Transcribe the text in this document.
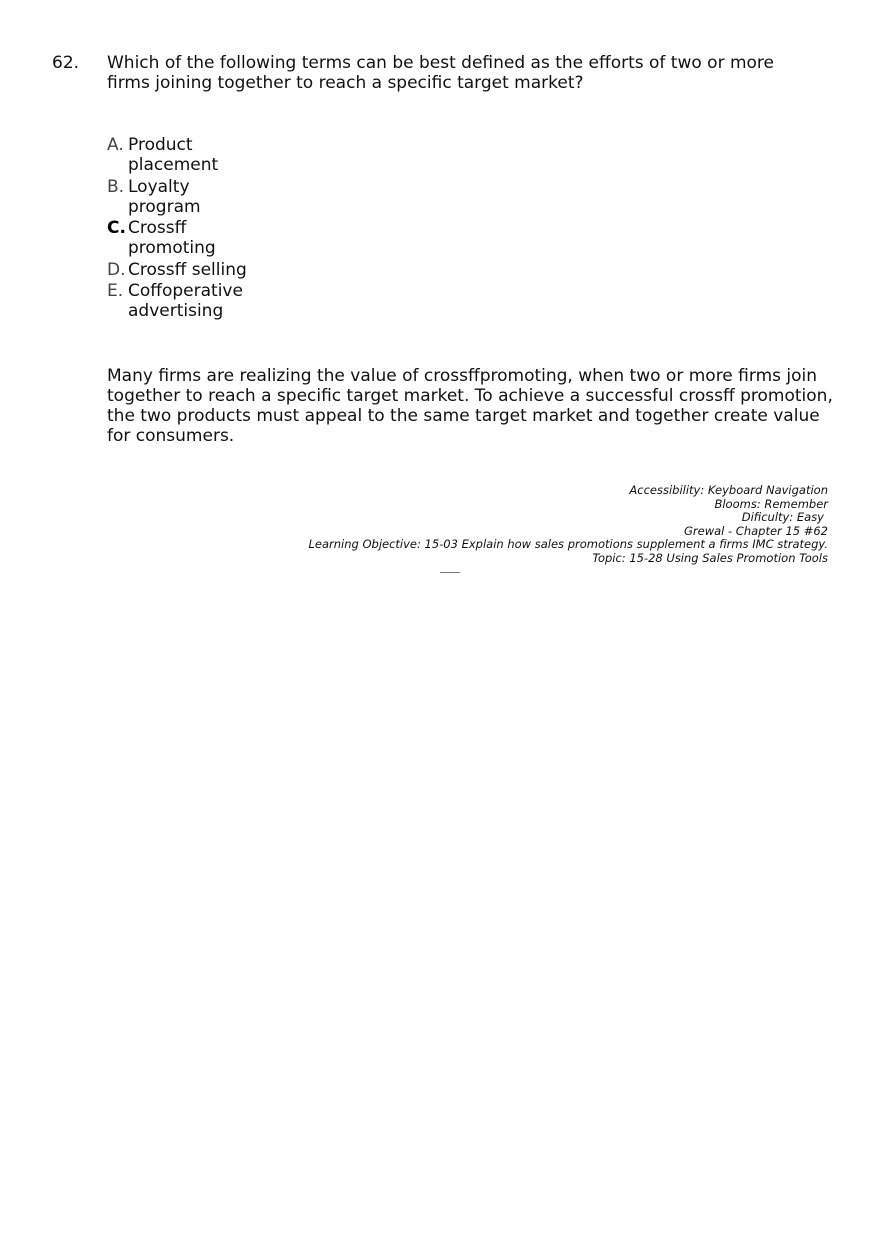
62. Which of the following terms can be best defined as the efforts of two or more firms joining together to reach a specific target market?
A. Product placement
B. Loyalty program
C. Crossff promoting
D. Crossff selling
E. Coffoperative advertising
Many firms are realizing the value of crossffpromoting, when two or more firms join together to reach a specific target market. To achieve a successful crossff promotion, the two products must appeal to the same target market and together create value for consumers.
Accessibility: Keyboard Navigation
Blooms: Remember
Dificulty: Easy
Grewal - Chapter 15 #62
Learning Objective: 15-03 Explain how sales promotions supplement a firms IMC strategy.
Topic: 15-28 Using Sales Promotion Tools
